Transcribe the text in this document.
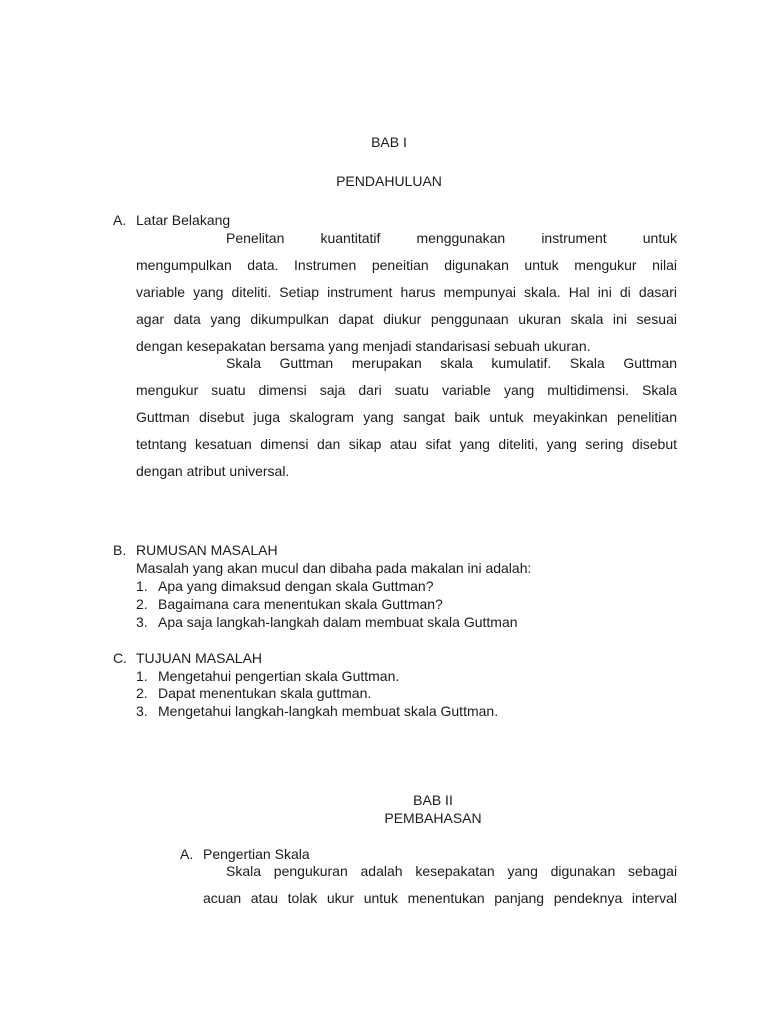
BAB I
PENDAHULUAN
A. Latar Belakang
Penelitan	kuantitatif	menggunakan	instrument	untuk
mengumpulkan data. Instrumen peneitian digunakan untuk mengukur nilai
variable yang diteliti. Setiap instrument harus mempunyai skala. Hal ini di dasari
agar data yang dikumpulkan dapat diukur penggunaan ukuran skala ini sesuai
dengan kesepakatan bersama yang menjadi standarisasi sebuah ukuran.
Skala Guttman merupakan skala kumulatif. Skala Guttman
mengukur suatu dimensi saja dari suatu variable yang multidimensi. Skala
Guttman disebut juga skalogram yang sangat baik untuk meyakinkan penelitian
tetntang kesatuan dimensi dan sikap atau sifat yang diteliti, yang sering disebut
dengan atribut universal.
B. RUMUSAN MASALAH
Masalah yang akan mucul dan dibaha pada makalan ini adalah:
1. Apa yang dimaksud dengan skala Guttman?
2. Bagaimana cara menentukan skala Guttman?
3. Apa saja langkah-langkah dalam membuat skala Guttman
C. TUJUAN MASALAH
1. Mengetahui pengertian skala Guttman.
2. Dapat menentukan skala guttman.
3. Mengetahui langkah-langkah membuat skala Guttman.
BAB II
PEMBAHASAN
A. Pengertian Skala
Skala pengukuran adalah kesepakatan yang digunakan sebagai
acuan atau tolak ukur untuk menentukan panjang pendeknya interval
